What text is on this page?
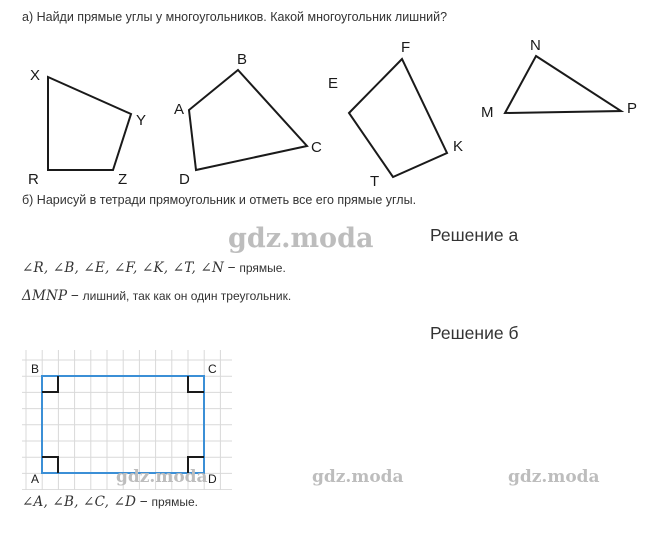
а) Найди прямые углы у многоугольников. Какой многоугольник лишний?
X
Y
R	Z
B
A
C
D
F
E
K
T
N
M	P
б) Нарисуй в тетради прямоугольник и отметь все его прямые углы.
gdz.moda	Решение а
∠R, ∠B, ∠E, ∠F, ∠K, ∠T, ∠N − прямые.
ΔMNP − лишний, так как он один треугольник.
Решение б
B	C
A	D
gdz.moda	gdz.moda	gdz.moda
∠A, ∠B, ∠C, ∠D − прямые.
